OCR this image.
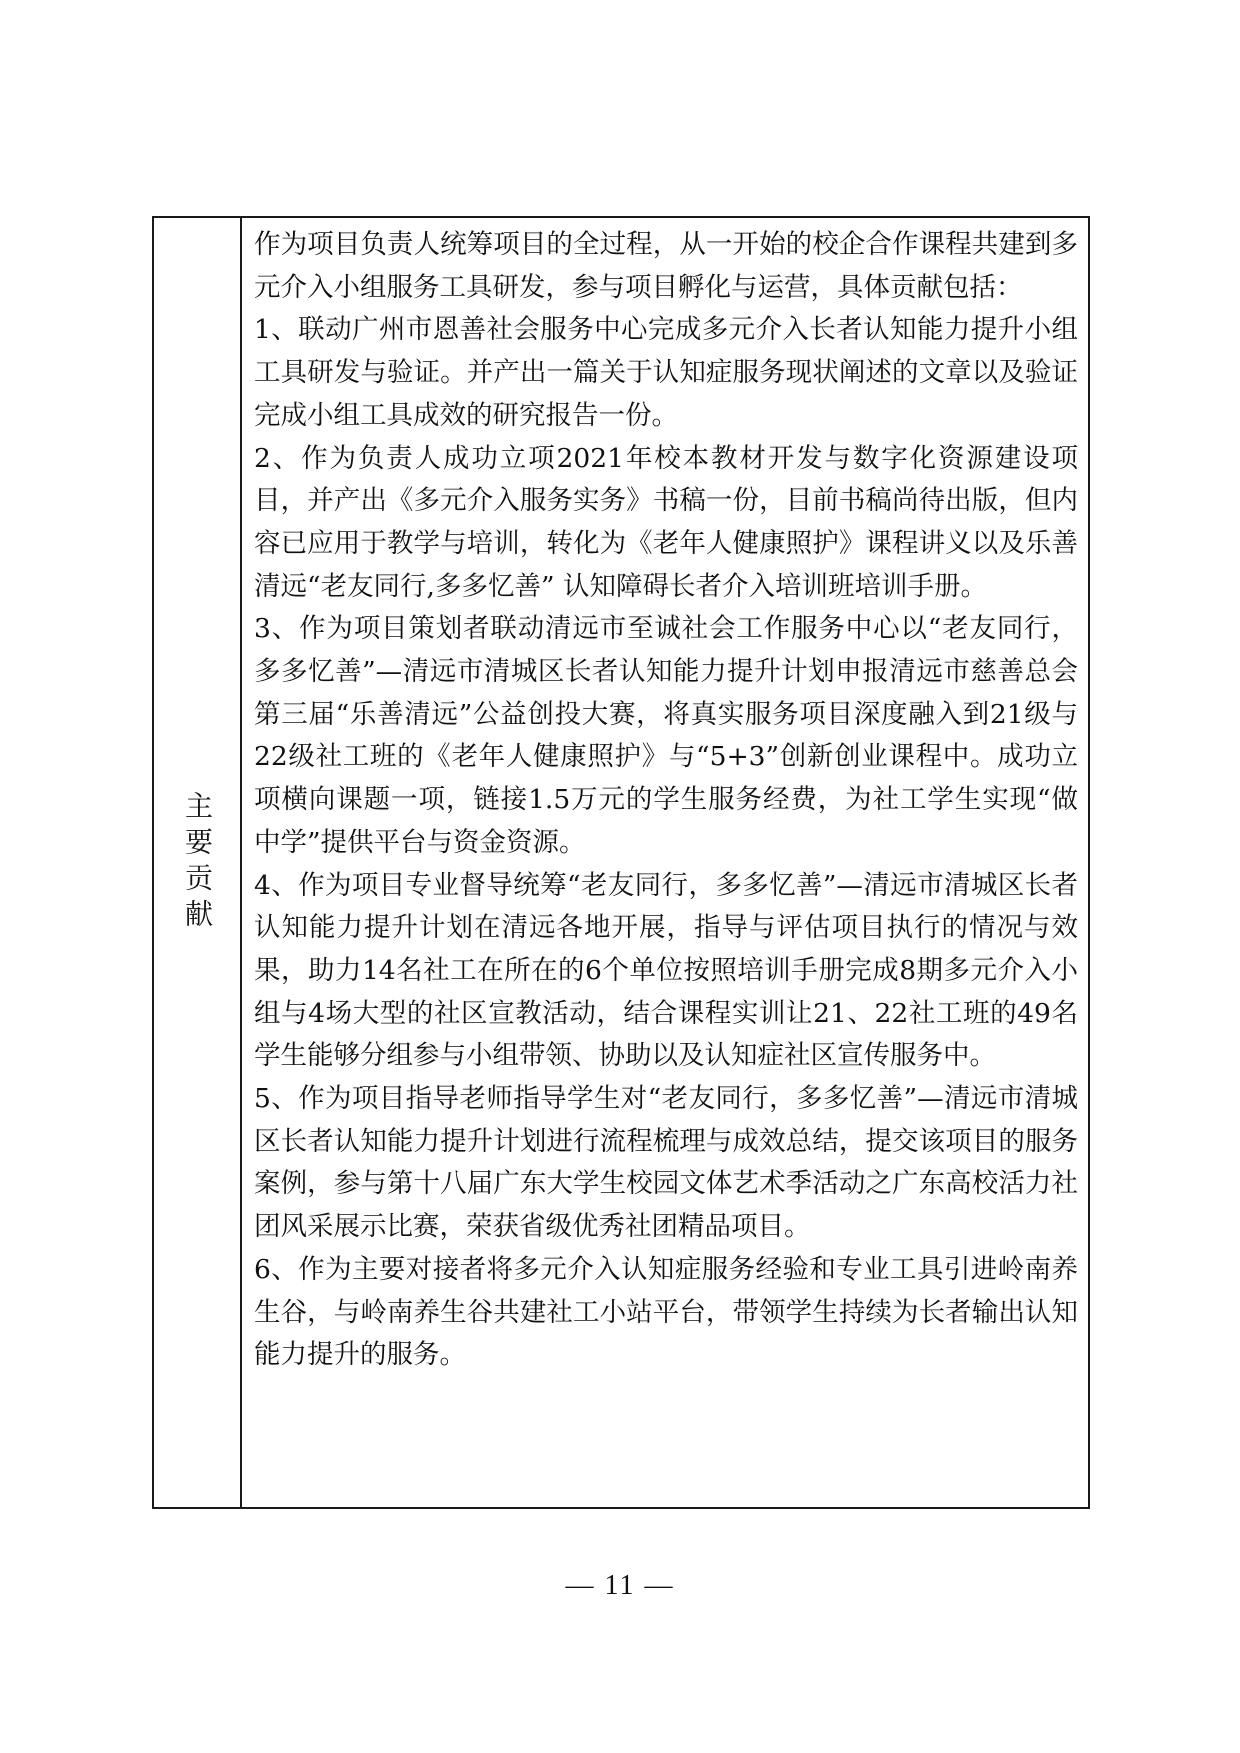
主要贡献

作为项目负责人统筹项目的全过程，从一开始的校企合作课程共建到多元介入小组服务工具研发，参与项目孵化与运营，具体贡献包括：

1、联动广州市恩善社会服务中心完成多元介入长者认知能力提升小组工具研发与验证。并产出一篇关于认知症服务现状阐述的文章以及验证完成小组工具成效的研究报告一份。

2、作为负责人成功立项2021年校本教材开发与数字化资源建设项目，并产出《多元介入服务实务》书稿一份，目前书稿尚待出版，但内容已应用于教学与培训，转化为《老年人健康照护》课程讲义以及乐善清远“老友同行,多多忆善” 认知障碍长者介入培训班培训手册。

3、作为项目策划者联动清远市至诚社会工作服务中心以“老友同行，多多忆善”—清远市清城区长者认知能力提升计划申报清远市慈善总会第三届“乐善清远”公益创投大赛，将真实服务项目深度融入到21级与22级社工班的《老年人健康照护》与“5+3”创新创业课程中。成功立项横向课题一项，链接1.5万元的学生服务经费，为社工学生实现“做中学”提供平台与资金资源。

4、作为项目专业督导统筹“老友同行，多多忆善”—清远市清城区长者认知能力提升计划在清远各地开展，指导与评估项目执行的情况与效果，助力14名社工在所在的6个单位按照培训手册完成8期多元介入小组与4场大型的社区宣教活动，结合课程实训让21、22社工班的49名学生能够分组参与小组带领、协助以及认知症社区宣传服务中。

5、作为项目指导老师指导学生对“老友同行，多多忆善”—清远市清城区长者认知能力提升计划进行流程梳理与成效总结，提交该项目的服务案例，参与第十八届广东大学生校园文体艺术季活动之广东高校活力社团风采展示比赛，荣获省级优秀社团精品项目。

6、作为主要对接者将多元介入认知症服务经验和专业工具引进岭南养生谷，与岭南养生谷共建社工小站平台，带领学生持续为长者输出认知能力提升的服务。

— 11 —
